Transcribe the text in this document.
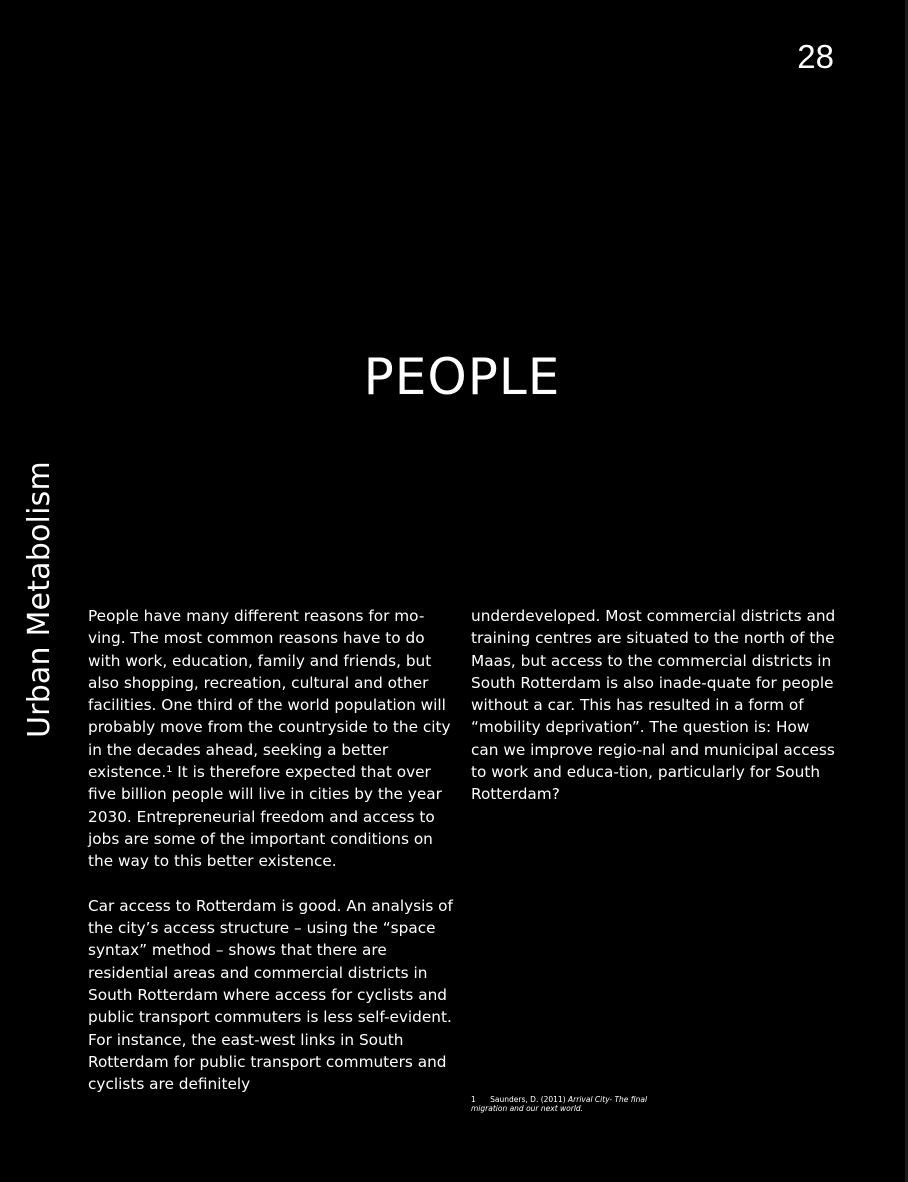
28
Urban Metabolism
PEOPLE

People have many different reasons for mo-ving. The most common reasons have to do with work, education, family and friends, but also shopping, recreation, cultural and other facilities. One third of the world population will probably move from the countryside to the city in the decades ahead, seeking a better existence.¹ It is therefore expected that over five billion people will live in cities by the year 2030. Entrepreneurial freedom and access to jobs are some of the important conditions on the way to this better existence.

Car access to Rotterdam is good. An analysis of the city’s access structure – using the “space syntax” method – shows that there are residential areas and commercial districts in South Rotterdam where access for cyclists and public transport commuters is less self-evident. For instance, the east-west links in South Rotterdam for public transport commuters and cyclists are definitely

underdeveloped. Most commercial districts and training centres are situated to the north of the Maas, but access to the commercial districts in South Rotterdam is also inade-quate for people without a car. This has resulted in a form of “mobility deprivation”. The question is: How can we improve regio-nal and municipal access to work and educa-tion, particularly for South Rotterdam?

1 Saunders, D. (2011) Arrival City- The final migration and our next world.
